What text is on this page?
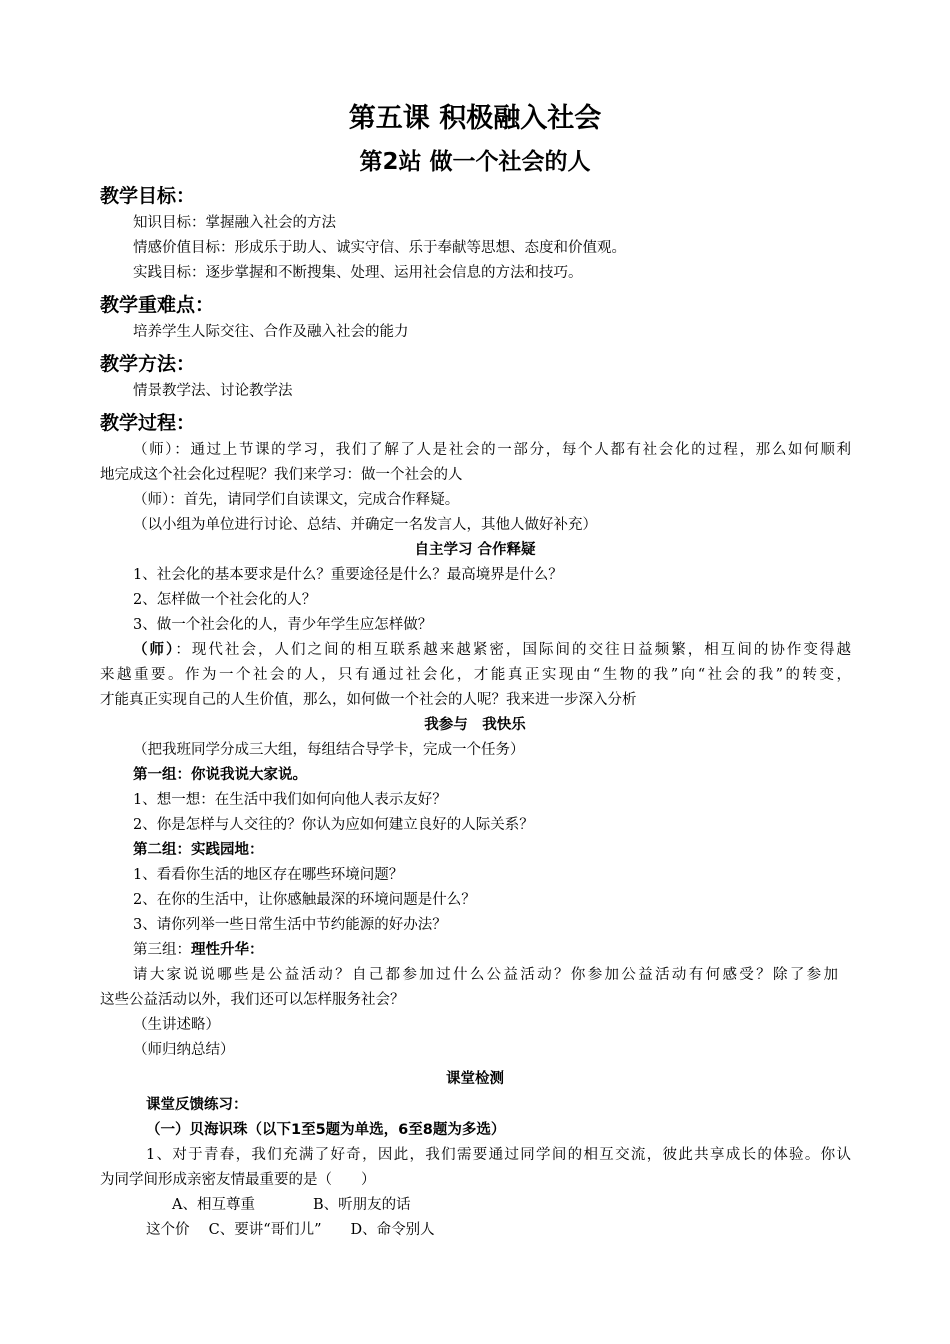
第五课 积极融入社会
第2站 做一个社会的人
教学目标：
知识目标：掌握融入社会的方法
情感价值目标：形成乐于助人、诚实守信、乐于奉献等思想、态度和价值观。
实践目标：逐步掌握和不断搜集、处理、运用社会信息的方法和技巧。
教学重难点：
培养学生人际交往、合作及融入社会的能力
教学方法：
情景教学法、讨论教学法
教学过程：
（师）：通过上节课的学习，我们了解了人是社会的一部分，每个人都有社会化的过程，那么如何顺利
地完成这个社会化过程呢？我们来学习：做一个社会的人
（师）：首先，请同学们自读课文，完成合作释疑。
（以小组为单位进行讨论、总结、并确定一名发言人，其他人做好补充）
自主学习 合作释疑
1、社会化的基本要求是什么？重要途径是什么？最高境界是什么？
2、怎样做一个社会化的人？
3、做一个社会化的人，青少年学生应怎样做？
（师）：现代社会，人们之间的相互联系越来越紧密，国际间的交往日益频繁，相互间的协作变得越
来越重要。作为一个社会的人，只有通过社会化，才能真正实现由“生物的我”向“社会的我”的转变，
才能真正实现自己的人生价值，那么，如何做一个社会的人呢？我来进一步深入分析
我参与　我快乐
（把我班同学分成三大组，每组结合导学卡，完成一个任务）
第一组：你说我说大家说。
1、想一想：在生活中我们如何向他人表示友好？
2、你是怎样与人交往的？你认为应如何建立良好的人际关系？
第二组：实践园地：
1、看看你生活的地区存在哪些环境问题？
2、在你的生活中，让你感触最深的环境问题是什么？
3、请你列举一些日常生活中节约能源的好办法？
第三组：理性升华：
请大家说说哪些是公益活动？自己都参加过什么公益活动？你参加公益活动有何感受？除了参加
这些公益活动以外，我们还可以怎样服务社会？
（生讲述略）
（师归纳总结）
课堂检测
课堂反馈练习：
（一）贝海识珠（以下1至5题为单选，6至8题为多选）
1、对于青春，我们充满了好奇，因此，我们需要通过同学间的相互交流，彼此共享成长的体验。你认
为同学间形成亲密友情最重要的是（　　）
A、相互尊重　　　　B、听朋友的话
这个价　 C、要讲“哥们儿”　　D、命令别人
